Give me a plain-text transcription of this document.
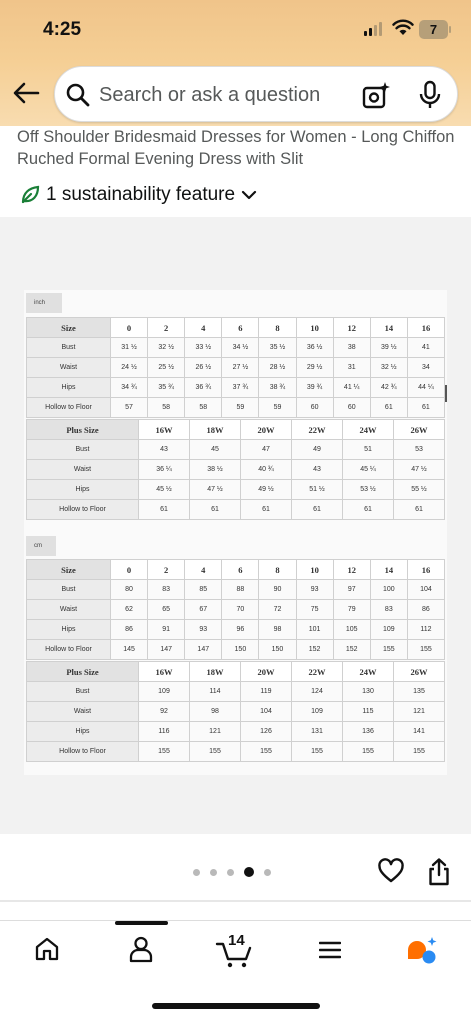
4:25	7
Search or ask a question
Off Shoulder Bridesmaid Dresses for Women - Long Chiffon Ruched Formal Evening Dress with Slit
1 sustainability feature
inch
Size	0	2	4	6	8	10	12	14	16
Bust	31 ½	32 ½	33 ½	34 ½	35 ½	36 ½	38	39 ½	41
Waist	24 ½	25 ½	26 ½	27 ½	28 ½	29 ½	31	32 ½	34
Hips	34 ¾	35 ¾	36 ¾	37 ¾	38 ¾	39 ¾	41 ¼	42 ¾	44 ¼
Hollow to Floor	57	58	58	59	59	60	60	61	61
Plus Size	16W	18W	20W	22W	24W	26W
Bust	43	45	47	49	51	53
Waist	36 ¼	38 ½	40 ¾	43	45 ¼	47 ½
Hips	45 ½	47 ½	49 ½	51 ½	53 ½	55 ½
Hollow to Floor	61	61	61	61	61	61
cm
Size	0	2	4	6	8	10	12	14	16
Bust	80	83	85	88	90	93	97	100	104
Waist	62	65	67	70	72	75	79	83	86
Hips	86	91	93	96	98	101	105	109	112
Hollow to Floor	145	147	147	150	150	152	152	155	155
Plus Size	16W	18W	20W	22W	24W	26W
Bust	109	114	119	124	130	135
Waist	92	98	104	109	115	121
Hips	116	121	126	131	136	141
Hollow to Floor	155	155	155	155	155	155
14
